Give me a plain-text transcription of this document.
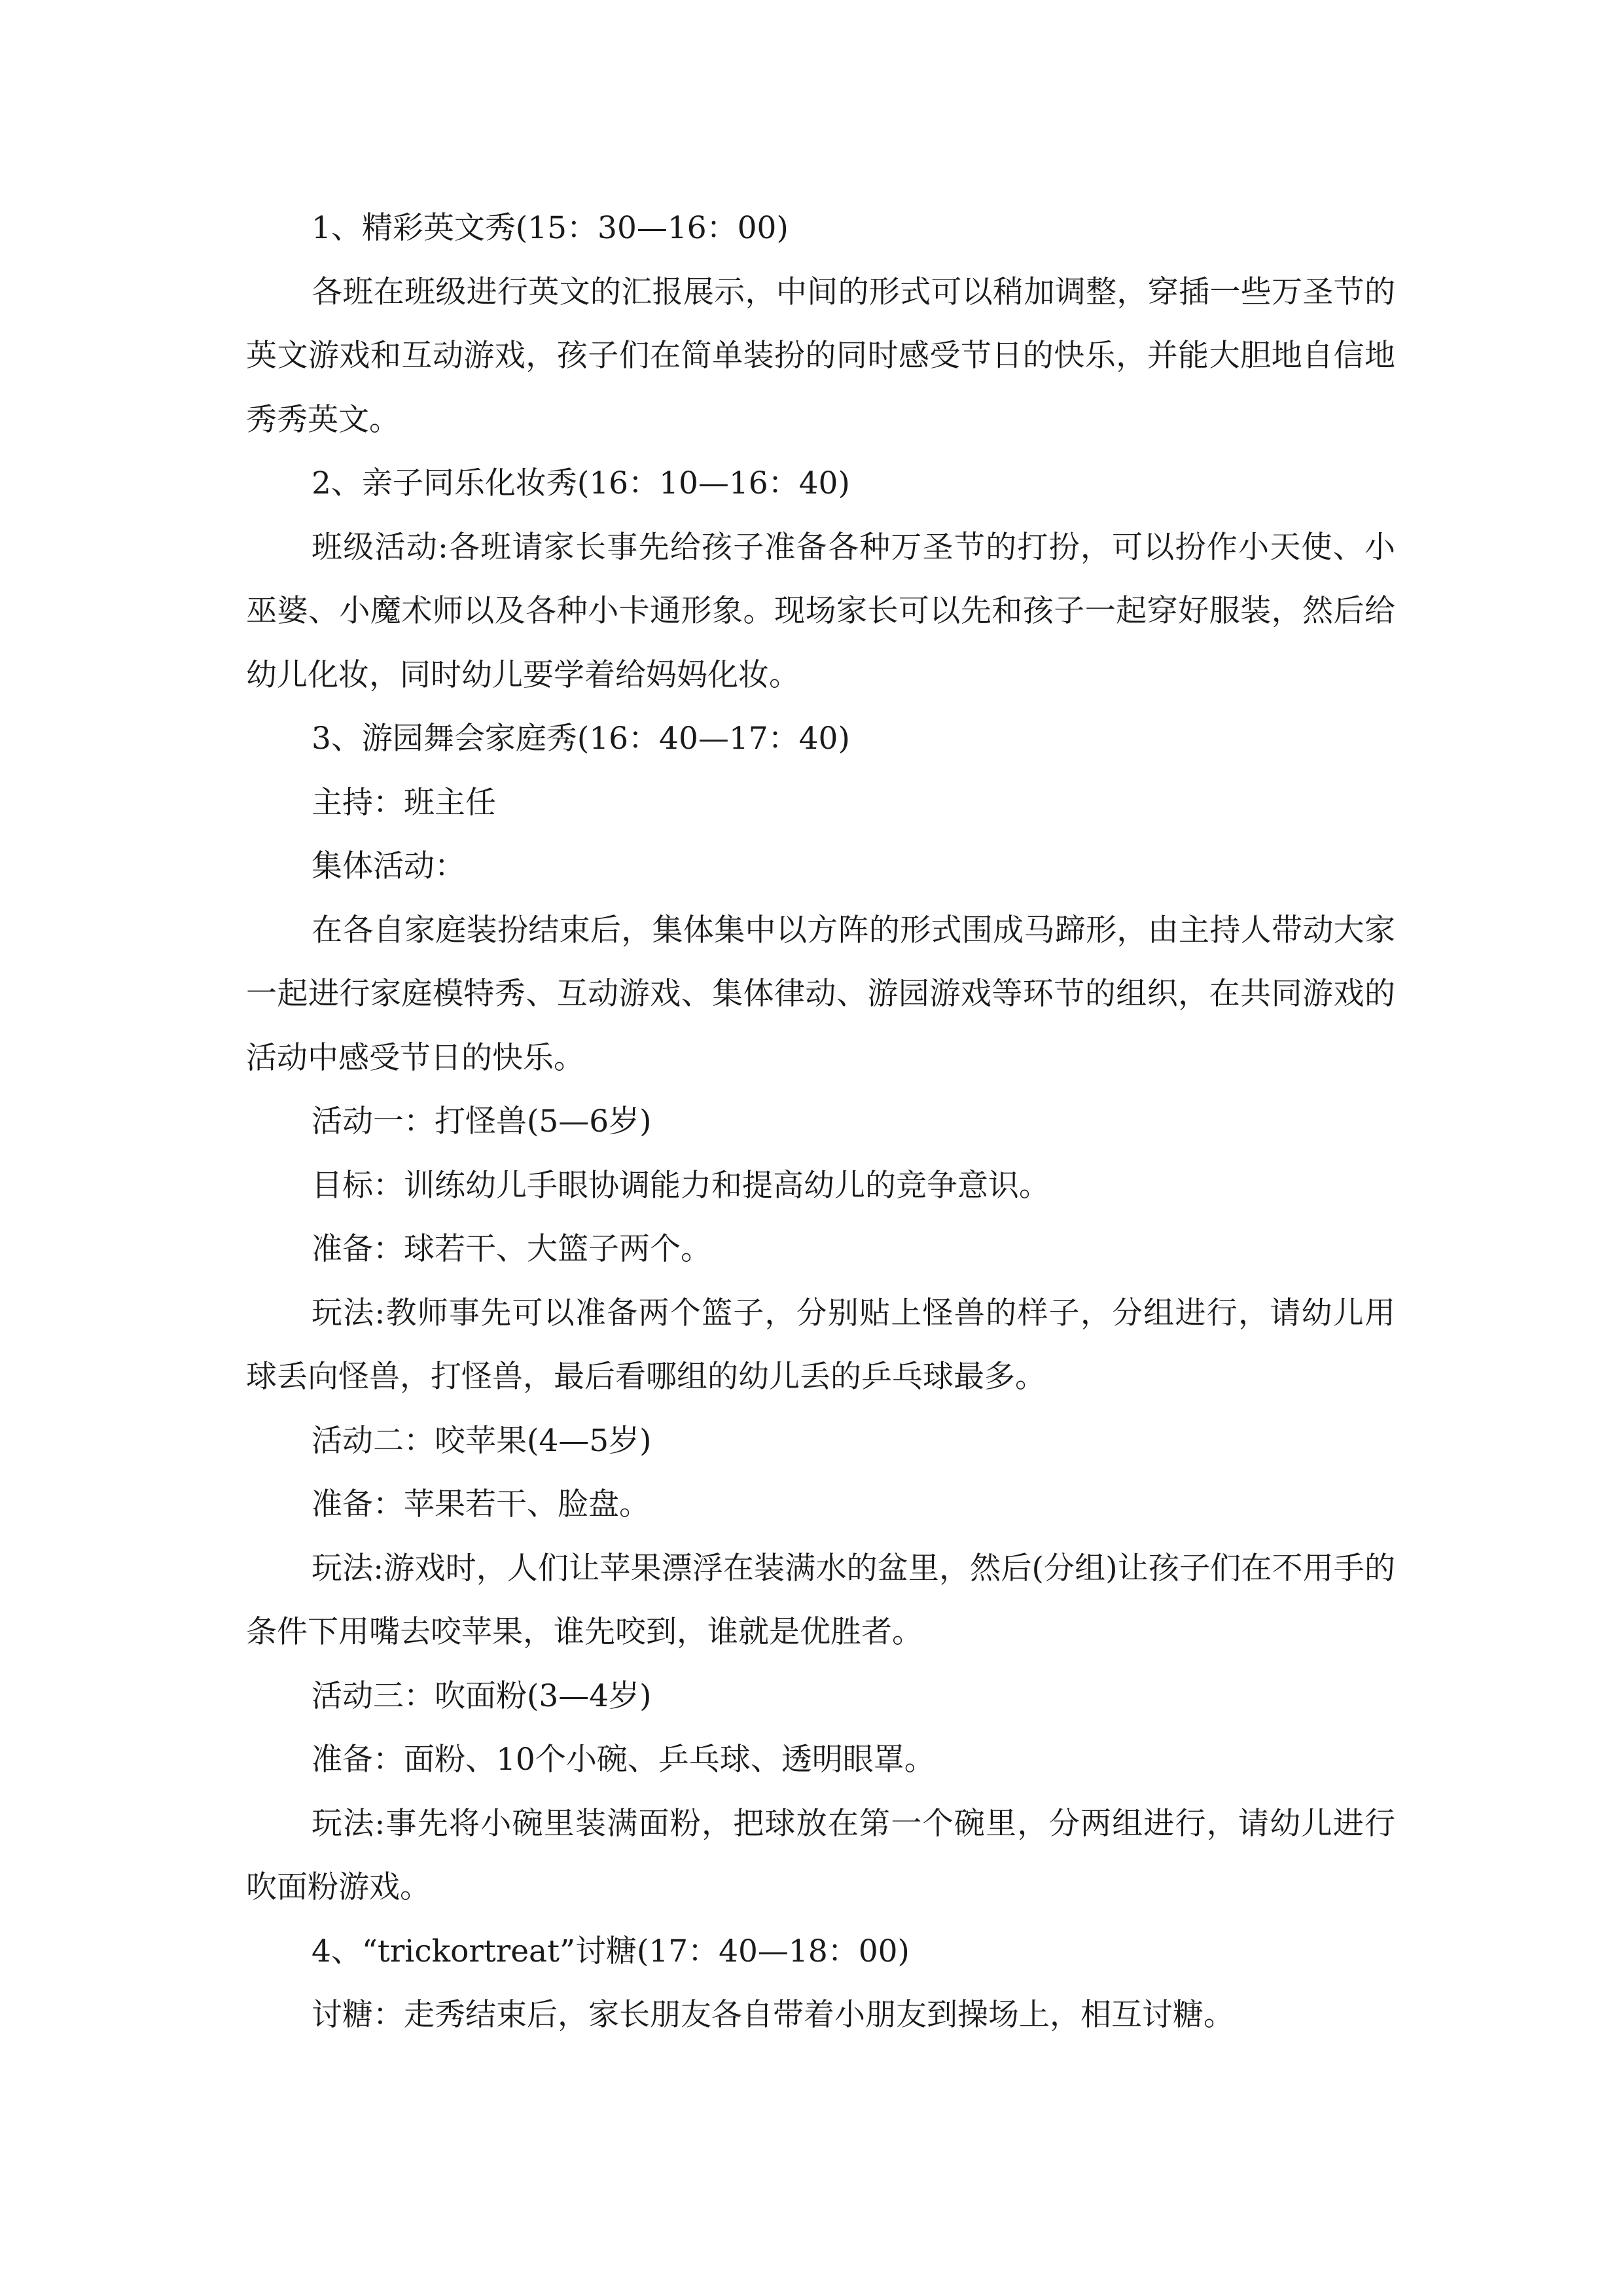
1、精彩英文秀(15：30—16：00)

各班在班级进行英文的汇报展示，中间的形式可以稍加调整，穿插一些万圣节的英文游戏和互动游戏，孩子们在简单装扮的同时感受节日的快乐，并能大胆地自信地秀秀英文。

2、亲子同乐化妆秀(16：10—16：40)

班级活动:各班请家长事先给孩子准备各种万圣节的打扮，可以扮作小天使、小巫婆、小魔术师以及各种小卡通形象。现场家长可以先和孩子一起穿好服装，然后给幼儿化妆，同时幼儿要学着给妈妈化妆。

3、游园舞会家庭秀(16：40—17：40)

主持：班主任

集体活动：

在各自家庭装扮结束后，集体集中以方阵的形式围成马蹄形，由主持人带动大家一起进行家庭模特秀、互动游戏、集体律动、游园游戏等环节的组织，在共同游戏的活动中感受节日的快乐。

活动一：打怪兽(5—6岁)

目标：训练幼儿手眼协调能力和提高幼儿的竞争意识。

准备：球若干、大篮子两个。

玩法:教师事先可以准备两个篮子，分别贴上怪兽的样子，分组进行，请幼儿用球丢向怪兽，打怪兽，最后看哪组的幼儿丢的乒乓球最多。

活动二：咬苹果(4—5岁)

准备：苹果若干、脸盘。

玩法:游戏时，人们让苹果漂浮在装满水的盆里，然后(分组)让孩子们在不用手的条件下用嘴去咬苹果，谁先咬到，谁就是优胜者。

活动三：吹面粉(3—4岁)

准备：面粉、10个小碗、乒乓球、透明眼罩。

玩法:事先将小碗里装满面粉，把球放在第一个碗里，分两组进行，请幼儿进行吹面粉游戏。

4、“trickortreat”讨糖(17：40—18：00)

讨糖：走秀结束后，家长朋友各自带着小朋友到操场上，相互讨糖。
